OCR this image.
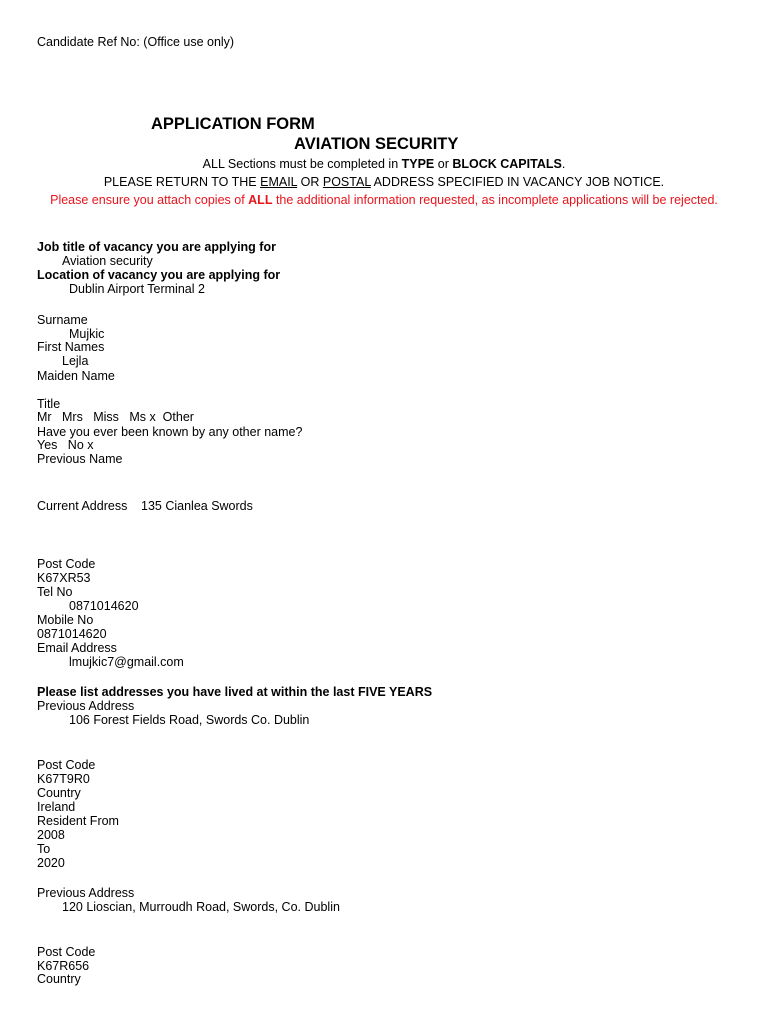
Candidate Ref No: (Office use only)
APPLICATION FORM
AVIATION SECURITY
ALL Sections must be completed in TYPE or BLOCK CAPITALS.
PLEASE RETURN TO THE EMAIL OR POSTAL ADDRESS SPECIFIED IN VACANCY JOB NOTICE.
Please ensure you attach copies of ALL the additional information requested, as incomplete applications will be rejected.
Job title of vacancy you are applying for
Aviation security
Location of vacancy you are applying for
Dublin Airport Terminal 2
Surname
Mujkic
First Names
Lejla
Maiden Name
Title
Mr   Mrs   Miss   Ms x  Other
Have you ever been known by any other name?
Yes   No x
Previous Name
Current Address 135 Cianlea Swords
Post Code
K67XR53
Tel No
0871014620
Mobile No
0871014620
Email Address
lmujkic7@gmail.com
Please list addresses you have lived at within the last FIVE YEARS
Previous Address
106 Forest Fields Road, Swords Co. Dublin
Post Code
K67T9R0
Country
Ireland
Resident From
2008
To
2020
Previous Address
120 Lioscian, Murroudh Road, Swords, Co. Dublin
Post Code
K67R656
Country
